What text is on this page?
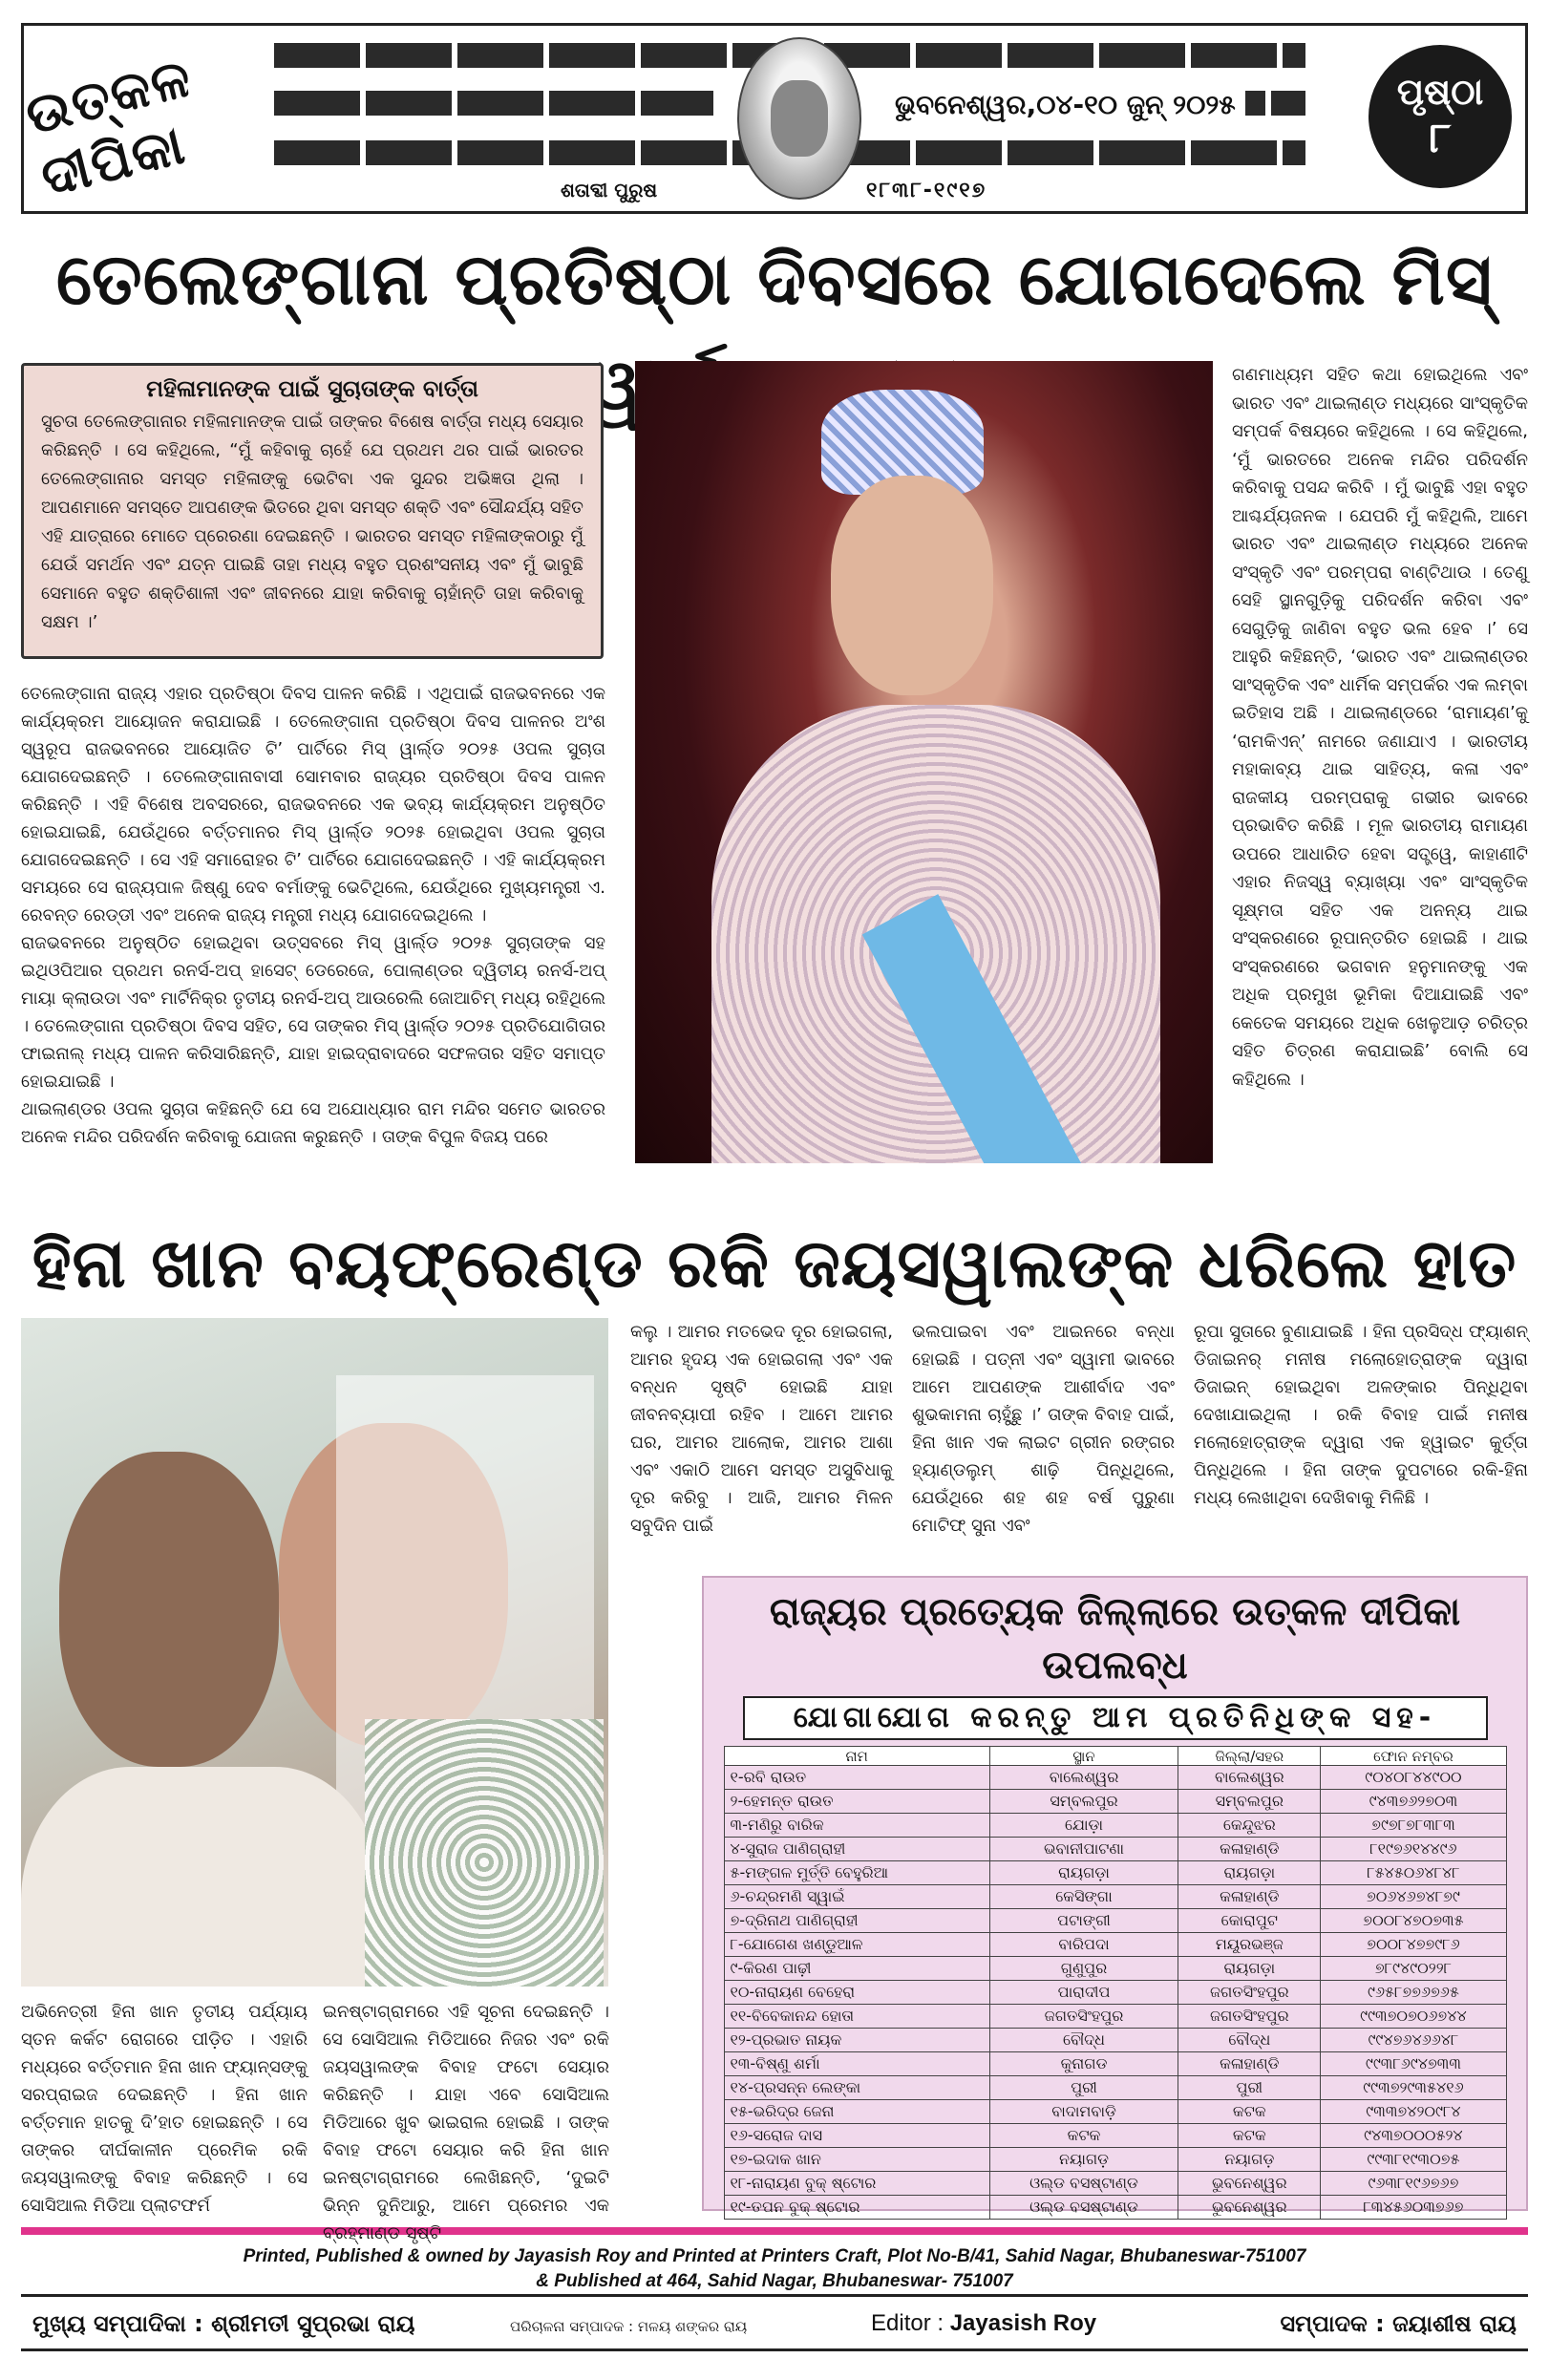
ଉତ୍କଳ ଦୀପିକା
ଭୁବନେଶ୍ୱର,୦୪-୧୦ ଜୁନ୍ ୨୦୨୫
ଶତାବ୍ଦୀ ପୁରୁଷ	୧୮୩୮-୧୯୧୭
ପୃଷ୍ଠା
୮
ତେଲେଙ୍ଗାନା ପ୍ରତିଷ୍ଠା ଦିବସରେ ଯୋଗଦେଲେ ମିସ୍
ମହିଳାମାନଙ୍କ ପାଇଁ ସୁଚାତାଙ୍କ ବାର୍ତ୍ତା
ସୁଚତା ତେଲେଙ୍ଗାନାର ମହିଳାମାନଙ୍କ ପାଇଁ ତାଙ୍କର ବିଶେଷ ବାର୍ତ୍ତା ମଧ୍ୟ ସେୟାର କରିଛନ୍ତି । ସେ କହିଥିଲେ, “ମୁଁ କହିବାକୁ ଚାହେଁ ଯେ ପ୍ରଥମ ଥର ପାଇଁ ଭାରତର ତେଲେଙ୍ଗାନାର ସମସ୍ତ ମହିଳାଙ୍କୁ ଭେଟିବା ଏକ ସୁନ୍ଦର ଅଭିଜ୍ଞତା ଥିଲା । ଆପଣମାନେ ସମସ୍ତେ ଆପଣଙ୍କ ଭିତରେ ଥିବା ସମସ୍ତ ଶକ୍ତି ଏବଂ ସୌନ୍ଦର୍ଯ୍ୟ ସହିତ ଏହି ଯାତ୍ରାରେ ମୋତେ ପ୍ରେରଣା ଦେଇଛନ୍ତି । ଭାରତର ସମସ୍ତ ମହିଳାଙ୍କଠାରୁ ମୁଁ ଯେଉଁ ସମର୍ଥନ ଏବଂ ଯତ୍ନ ପାଇଛି ତାହା ମଧ୍ୟ ବହୁତ ପ୍ରଶଂସନୀୟ ଏବଂ ମୁଁ ଭାବୁଛି ସେମାନେ ବହୁତ ଶକ୍ତିଶାଳୀ ଏବଂ ଜୀବନରେ ଯାହା କରିବାକୁ ଚାହାଁନ୍ତି ତାହା କରିବାକୁ ସକ୍ଷମ ।’

ତେଲେଙ୍ଗାନା ରାଜ୍ୟ ଏହାର ପ୍ରତିଷ୍ଠା ଦିବସ ପାଳନ କରିଛି । ଏଥିପାଇଁ ରାଜଭବନରେ ଏକ କାର୍ଯ୍ୟକ୍ରମ ଆୟୋଜନ କରାଯାଇଛି । ତେଲେଙ୍ଗାନା ପ୍ରତିଷ୍ଠା ଦିବସ ପାଳନର ଅଂଶ ସ୍ୱରୂପ ରାଜଭବନରେ ଆୟୋଜିତ ଟି’ ପାର୍ଟିରେ ମିସ୍ ୱାର୍ଲ୍ଡ ୨୦୨୫ ଓପଲ ସୁଚାତା ଯୋଗଦେଇଛନ୍ତି । ତେଲେଙ୍ଗାନାବାସୀ ସୋମବାର ରାଜ୍ୟର ପ୍ରତିଷ୍ଠା ଦିବସ ପାଳନ କରିଛନ୍ତି । ଏହି ବିଶେଷ ଅବସରରେ, ରାଜଭବନରେ ଏକ ଭବ୍ୟ କାର୍ଯ୍ୟକ୍ରମ ଅନୁଷ୍ଠିତ ହୋଇଯାଇଛି, ଯେଉଁଥିରେ ବର୍ତ୍ତମାନର ମିସ୍ ୱାର୍ଲ୍ଡ ୨୦୨୫ ହୋଇଥିବା ଓପଲ ସୁଚାତା ଯୋଗଦେଇଛନ୍ତି । ସେ ଏହି ସମାରୋହର ଟି’ ପାର୍ଟିରେ ଯୋଗଦେଇଛନ୍ତି । ଏହି କାର୍ଯ୍ୟକ୍ରମ ସମୟରେ ସେ ରାଜ୍ୟପାଳ ଜିଷ୍ଣୁ ଦେବ ବର୍ମାଙ୍କୁ ଭେଟିଥିଲେ, ଯେଉଁଥିରେ ମୁଖ୍ୟମନ୍ତ୍ରୀ ଏ. ରେବନ୍ତ ରେଡ୍ଡୀ ଏବଂ ଅନେକ ରାଜ୍ୟ ମନ୍ତ୍ରୀ ମଧ୍ୟ ଯୋଗଦେଇଥିଲେ ।

ରାଜଭବନରେ ଅନୁଷ୍ଠିତ ହୋଇଥିବା ଉତ୍ସବରେ ମିସ୍ ୱାର୍ଲ୍ଡ ୨୦୨୫ ସୁଚାତାଙ୍କ ସହ ଇଥିଓପିଆର ପ୍ରଥମ ରନର୍ସ-ଅପ୍ ହାସେଟ୍ ଡେରେଜେ, ପୋଲାଣ୍ଡର ଦ୍ୱିତୀୟ ରନର୍ସ-ଅପ୍ ମାୟା କ୍ଲାଉଡା ଏବଂ ମାର୍ଟିନିକ୍‌ର ତୃତୀୟ ରନର୍ସ-ଅପ୍ ଆଉରେଲି ଜୋଆଚିମ୍ ମଧ୍ୟ ରହିଥିଲେ । ତେଲେଙ୍ଗାନା ପ୍ରତିଷ୍ଠା ଦିବସ ସହିତ, ସେ ତାଙ୍କର ମିସ୍ ୱାର୍ଲ୍ଡ ୨୦୨୫ ପ୍ରତିଯୋଗିତାର ଫାଇନାଲ୍ ମଧ୍ୟ ପାଳନ କରିସାରିଛନ୍ତି, ଯାହା ହାଇଦ୍ରାବାଦରେ ସଫଳତାର ସହିତ ସମାପ୍ତ ହୋଇଯାଇଛି ।

ଥାଇଲାଣ୍ଡର ଓପଲ ସୁଚାତା କହିଛନ୍ତି ଯେ ସେ ଅଯୋଧ୍ୟାର ରାମ ମନ୍ଦିର ସମେତ ଭାରତର ଅନେକ ମନ୍ଦିର ପରିଦର୍ଶନ କରିବାକୁ ଯୋଜନା କରୁଛନ୍ତି । ତାଙ୍କ ବିପୁଳ ବିଜୟ ପରେ

ଗଣମାଧ୍ୟମ ସହିତ କଥା ହୋଇଥିଲେ ଏବଂ ଭାରତ ଏବଂ ଥାଇଲାଣ୍ଡ ମଧ୍ୟରେ ସାଂସ୍କୃତିକ ସମ୍ପର୍କ ବିଷୟରେ କହିଥିଲେ । ସେ କହିଥିଲେ, ‘ମୁଁ ଭାରତରେ ଅନେକ ମନ୍ଦିର ପରିଦର୍ଶନ କରିବାକୁ ପସନ୍ଦ କରିବି । ମୁଁ ଭାବୁଛି ଏହା ବହୁତ ଆଶ୍ଚର୍ଯ୍ୟଜନକ । ଯେପରି ମୁଁ କହିଥିଲି, ଆମେ ଭାରତ ଏବଂ ଥାଇଲାଣ୍ଡ ମଧ୍ୟରେ ଅନେକ ସଂସ୍କୃତି ଏବଂ ପରମ୍ପରା ବାଣ୍ଟିଥାଉ । ତେଣୁ ସେହି ସ୍ଥାନଗୁଡ଼ିକୁ ପରିଦର୍ଶନ କରିବା ଏବଂ ସେଗୁଡ଼ିକୁ ଜାଣିବା ବହୁତ ଭଲ ହେବ ।’ ସେ ଆହୁରି କହିଛନ୍ତି, ‘ଭାରତ ଏବଂ ଥାଇଲାଣ୍ଡର ସାଂସ୍କୃତିକ ଏବଂ ଧାର୍ମିକ ସମ୍ପର୍କର ଏକ ଲମ୍ବା ଇତିହାସ ଅଛି । ଥାଇଲାଣ୍ଡରେ ‘ରାମାୟଣ’କୁ ‘ରାମକିଏନ୍’ ନାମରେ ଜଣାଯାଏ । ଭାରତୀୟ ମହାକାବ୍ୟ ଥାଇ ସାହିତ୍ୟ, କଳା ଏବଂ ରାଜକୀୟ ପରମ୍ପରାକୁ ଗଭୀର ଭାବରେ ପ୍ରଭାବିତ କରିଛି । ମୂଳ ଭାରତୀୟ ରାମାୟଣ ଉପରେ ଆଧାରିତ ହେବା ସତ୍ତ୍ୱେ, କାହାଣୀଟି ଏହାର ନିଜସ୍ୱ ବ୍ୟାଖ୍ୟା ଏବଂ ସାଂସ୍କୃତିକ ସୂକ୍ଷ୍ମତା ସହିତ ଏକ ଅନନ୍ୟ ଥାଇ ସଂସ୍କରଣରେ ରୂପାନ୍ତରିତ ହୋଇଛି । ଥାଇ ସଂସ୍କରଣରେ ଭଗବାନ ହନୁମାନଙ୍କୁ ଏକ ଅଧିକ ପ୍ରମୁଖ ଭୂମିକା ଦିଆଯାଇଛି ଏବଂ କେତେକ ସମୟରେ ଅଧିକ ଖେଳୁଆଡ଼ ଚରିତ୍ର ସହିତ ଚିତ୍ରଣ କରାଯାଇଛି’ ବୋଲି ସେ କହିଥିଲେ ।

ହିନା ଖାନ ବୟଫ୍ରେଣ୍ଡ ରକି ଜୟସୱାଲଙ୍କ ଧରିଲେ ହାତ

କଲୁ । ଆମର ମତଭେଦ ଦୂର ହୋଇଗଲା, ଆମର ହୃଦୟ ଏକ ହୋଇଗଲା ଏବଂ ଏକ ବନ୍ଧନ ସୃଷ୍ଟି ହୋଇଛି ଯାହା ଜୀବନବ୍ୟାପୀ ରହିବ । ଆମେ ଆମର ଘର, ଆମର ଆଲୋକ, ଆମର ଆଶା ଏବଂ ଏକାଠି ଆମେ ସମସ୍ତ ଅସୁବିଧାକୁ ଦୂର କରିବୁ । ଆଜି, ଆମର ମିଳନ ସବୁଦିନ ପାଇଁ

ଭଲପାଇବା ଏବଂ ଆଇନରେ ବନ୍ଧା ହୋଇଛି । ପତ୍ନୀ ଏବଂ ସ୍ୱାମୀ ଭାବରେ ଆମେ ଆପଣଙ୍କ ଆଶୀର୍ବାଦ ଏବଂ ଶୁଭକାମନା ଚାହୁଁଛୁ ।’ ତାଙ୍କ ବିବାହ ପାଇଁ, ହିନା ଖାନ ଏକ ଲାଇଟ ଗ୍ରୀନ ରଙ୍ଗର ହ୍ୟାଣ୍ଡଲୁମ୍ ଶାଢ଼ି ପିନ୍ଧିଥିଲେ, ଯେଉଁଥିରେ ଶହ ଶହ ବର୍ଷ ପୁରୁଣା ମୋଟିଫ୍ ସୁନା ଏବଂ

ରୂପା ସୁତାରେ ବୁଣାଯାଇଛି । ହିନା ପ୍ରସିଦ୍ଧ ଫ୍ୟାଶନ୍ ଡିଜାଇନର୍ ମନୀଷ ମଲୋହୋତ୍ରାଙ୍କ ଦ୍ୱାରା ଡିଜାଇନ୍ ହୋଇଥିବା ଅଳଙ୍କାର ପିନ୍ଧିଥିବା ଦେଖାଯାଇଥିଲା । ରକି ବିବାହ ପାଇଁ ମନୀଷ ମଲୋହୋତ୍ରାଙ୍କ ଦ୍ୱାରା ଏକ ହ୍ୱାଇଟ କୁର୍ତ୍ତା ପିନ୍ଧିଥିଲେ । ହିନା ତାଙ୍କ ଦୁପଟାରେ ରକି-ହିନା ମଧ୍ୟ ଲେଖାଥିବା ଦେଖିବାକୁ ମିଳିଛି ।

ରାଜ୍ୟର ପ୍ରତ୍ୟେକ ଜିଲ୍ଲାରେ ଉତ୍କଳ ଦୀପିକା ଉପଲବ୍ଧ
ଯୋଗାଯୋଗ କରନ୍ତୁ ଆମ ପ୍ରତିନିଧିଙ୍କ ସହ-
ନାମ	ସ୍ଥାନ	ଜିଲ୍ଲା/ସହର	ଫୋନ ନମ୍ବର
୧-ରବି ରାଉତ	ବାଲେଶ୍ୱର	ବାଲେଶ୍ୱର	୯୦୪୦୮୪୪୯୦୦
୨-ହେମନ୍ତ ରାଉତ	ସମ୍ବଲପୁର	ସମ୍ବଲପୁର	୯୪୩୭୬୨୭୦୩
୩-ମଣିରୁ ବାରିକ	ଯୋଡ଼ା	କେନ୍ଦୁଝର	୭୯୭୮୭୮୩୮୩
୪-ସୁରାଜ ପାଣିଗ୍ରାହୀ	ଭବାନୀପାଟଣା	କଳାହାଣ୍ଡି	୮୧୯୭୬୧୪୪୯୬
୫-ମଙ୍ଗଳ ମୁର୍ତ୍ତି ବେହୁରିଆ	ରାୟଗଡ଼ା	ରାୟଗଡ଼ା	୮୫୪୫୦୬୪୮୪୮
୬-ଚନ୍ଦ୍ରମଣି ସ୍ୱାଇଁ	କେସିଙ୍ଗା	କଳାହାଣ୍ଡି	୭୦୬୪୬୭୪୮୭୯
୭-ଦ୍ରିନାଥ ପାଣିଗ୍ରାହୀ	ପଟାଙ୍ଗୀ	କୋରାପୁଟ	୭୦୦୮୪୭୦୭୩୫
୮-ଯୋଗେଶ ଖଣ୍ଡୁଆଳ	ବାରିପଦା	ମୟୂରଭଞ୍ଜ	୭୦୦୮୪୭୭୯୮୬
୯-କିରଣ ପାଢ଼ୀ	ଗୁଣୁପୁର	ରାୟଗଡ଼ା	୭୮୯୪୯୦୨୨୮
୧୦-ନାରାୟଣ ବେହେରା	ପାରାଦୀପ	ଜଗତସିଂହପୁର	୯୬୫୮୭୭୬୭୬୫
୧୧-ବିବେକାନନ୍ଦ ହୋତା	ଜଗତସିଂହପୁର	ଜଗତସିଂହପୁର	୯୯୩୭୦୭୦୬୭୪୪
୧୨-ପ୍ରଭାତ ନାୟକ	ବୌଦ୍ଧ	ବୌଦ୍ଧ	୯୯୪୭୬୪୬୬୪୮
୧୩-ବିଷ୍ଣୁ ଶର୍ମା	କୁନାଗଡ	କଳାହାଣ୍ଡି	୯୯୩୮୬୯୪୭୩୩
୧୪-ପ୍ରସନ୍ନ ଲେଙ୍କା	ପୁରୀ	ପୁରୀ	୯୯୩୭୨୯୩୫୪୧୬
୧୫-ଭରିଦ୍ର ଜେନା	ବାଦାମବାଡ଼ି	କଟକ	୯୩୩୭୪୨୦୯୮୪
୧୬-ସରୋଜ ଦାସ	କଟକ	କଟକ	୯୪୩୭୦୦୦୫୨୪
୧୭-ଇଦାକ ଖାନ	ନୟାଗଡ଼	ନୟାଗଡ଼	୯୯୩୮୧୯୩୦୭୫
୧୮-ନାରାୟଣ ବୁକ୍ ଷ୍ଟୋର	ଓଲ୍ଡ ବସଷ୍ଟାଣ୍ଡ	ଭୁବନେଶ୍ୱର	୯୬୩୮୧୯୬୭୬୭
୧୯-ତପନ ବୁକ୍ ଷ୍ଟୋର	ଓଲ୍ଡ ବସଷ୍ଟାଣ୍ଡ	ଭୁବନେଶ୍ୱର	୮୩୪୫୬୦୩୭୬୭
Printed, Published & owned by Jayasish Roy and Printed at Printers Craft, Plot No-B/41, Sahid Nagar, Bhubaneswar-751007
& Published at 464, Sahid Nagar, Bhubaneswar- 751007
ମୁଖ୍ୟ ସମ୍ପାଦିକା : ଶ୍ରୀମତୀ ସୁପ୍ରଭା ରାୟ	ପରିଚାଳନା ସମ୍ପାଦକ : ମଳୟ ଶଙ୍କର ରାୟ	Editor : Jayasish Roy	ସମ୍ପାଦକ : ଜୟାଶୀଷ ରାୟ

ଅଭିନେତ୍ରୀ ହିନା ଖାନ ତୃତୀୟ ପର୍ଯ୍ୟାୟ ସ୍ତନ କର୍କଟ ରୋଗରେ ପୀଡ଼ିତ । ଏହାରି ମଧ୍ୟରେ ବର୍ତ୍ତମାନ ହିନା ଖାନ ଫ୍ୟାନ୍ସଙ୍କୁ ସରପ୍ରାଇଜ ଦେଇଛନ୍ତି । ହିନା ଖାନ ବର୍ତ୍ତମାନ ହାତକୁ ଦି’ହାତ ହୋଇଛନ୍ତି । ସେ ତାଙ୍କର ଦୀର୍ଘକାଳୀନ ପ୍ରେମିକ ରକି ଜୟସୱାଲଙ୍କୁ ବିବାହ କରିଛନ୍ତି । ସେ ସୋସିଆଲ ମିଡିଆ ପ୍ଲାଟଫର୍ମ

ଇନଷ୍ଟାଗ୍ରାମରେ ଏହି ସୂଚନା ଦେଇଛନ୍ତି । ସେ ସୋସିଆଲ ମିଡିଆରେ ନିଜର ଏବଂ ରକି ଜୟସୱାଲଙ୍କ ବିବାହ ଫଟୋ ସେୟାର କରିଛନ୍ତି । ଯାହା ଏବେ ସୋସିଆଲ ମିଡିଆରେ ଖୁବ ଭାଇରାଲ ହୋଇଛି । ତାଙ୍କ ବିବାହ ଫଟୋ ସେୟାର କରି ହିନା ଖାନ ଇନଷ୍ଟାଗ୍ରାମରେ ଲେଖିଛନ୍ତି, ‘ଦୁଇଟି ଭିନ୍ନ ଦୁନିଆରୁ, ଆମେ ପ୍ରେମର ଏକ ବ୍ରହ୍ମାଣ୍ଡ ସୃଷ୍ଟି
